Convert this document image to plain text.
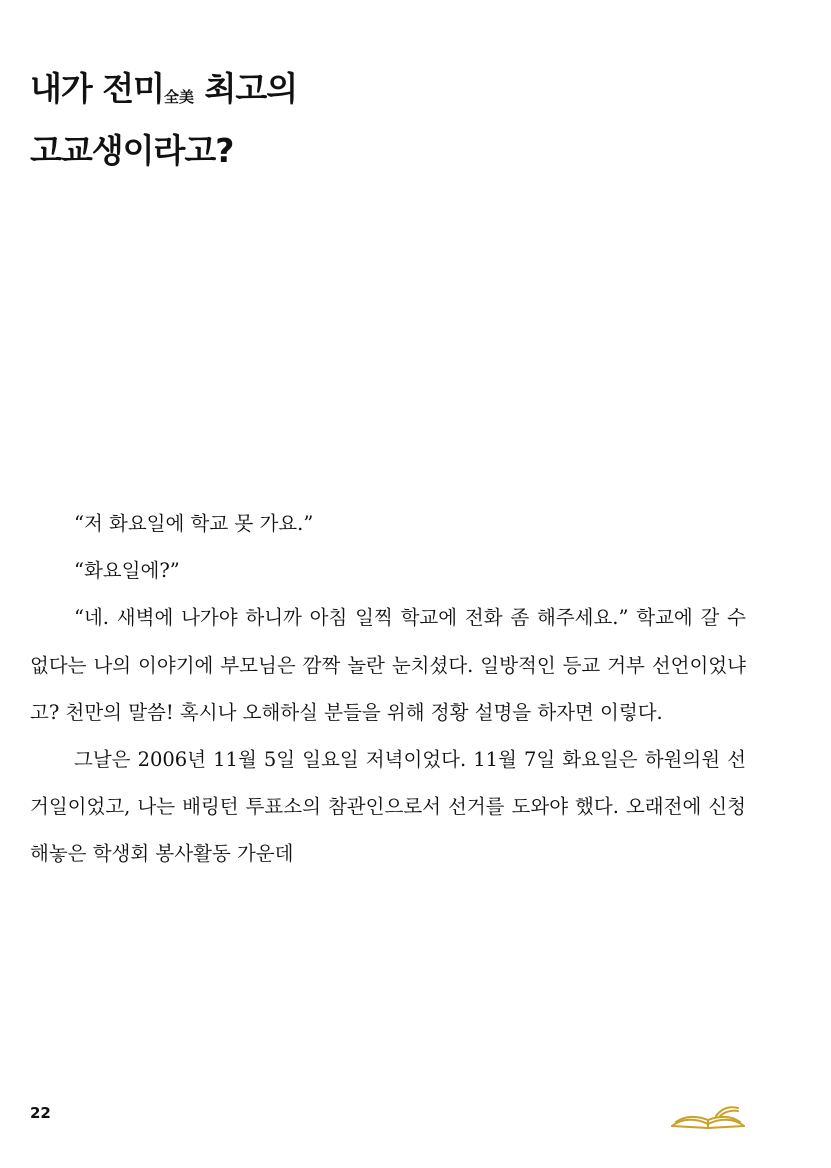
내가 전미全美 최고의
고교생이라고?

“저 화요일에 학교 못 가요.”

“화요일에?”

“네. 새벽에 나가야 하니까 아침 일찍 학교에 전화 좀 해주세요.” 학교에 갈 수 없다는 나의 이야기에 부모님은 깜짝 놀란 눈치셨다. 일방적인 등교 거부 선언이었냐고? 천만의 말씀! 혹시나 오해하실 분들을 위해 정황 설명을 하자면 이렇다.

그날은 2006년 11월 5일 일요일 저녁이었다. 11월 7일 화요일은 하원의원 선거일이었고, 나는 배링턴 투표소의 참관인으로서 선거를 도와야 했다. 오래전에 신청해놓은 학생회 봉사활동 가운데

22
